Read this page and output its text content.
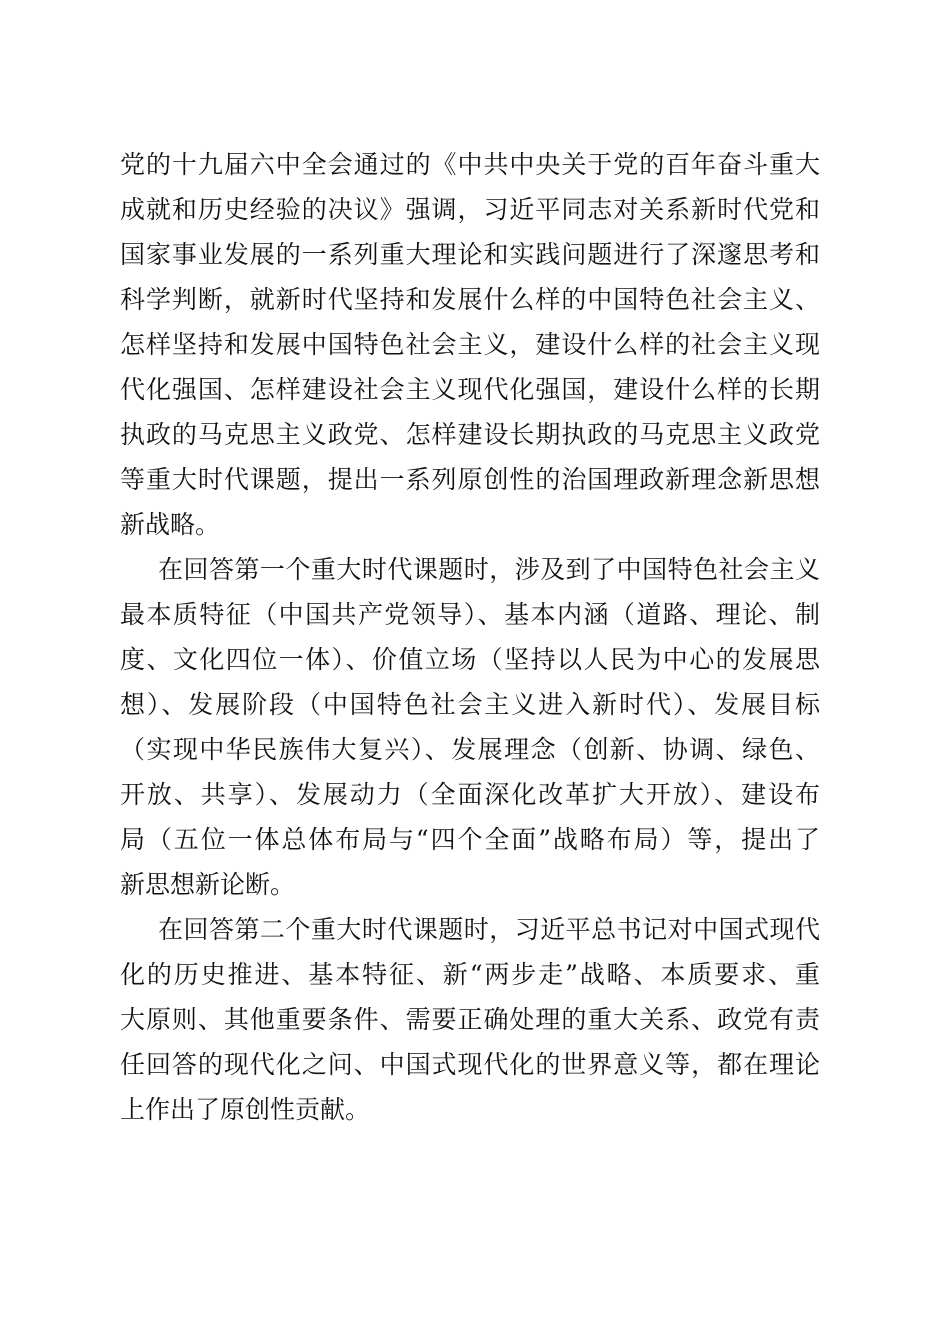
党的十九届六中全会通过的《中共中央关于党的百年奋斗重大
成就和历史经验的决议》强调，习近平同志对关系新时代党和
国家事业发展的一系列重大理论和实践问题进行了深邃思考和
科学判断，就新时代坚持和发展什么样的中国特色社会主义、
怎样坚持和发展中国特色社会主义，建设什么样的社会主义现
代化强国、怎样建设社会主义现代化强国，建设什么样的长期
执政的马克思主义政党、怎样建设长期执政的马克思主义政党
等重大时代课题，提出一系列原创性的治国理政新理念新思想
新战略。
在回答第一个重大时代课题时，涉及到了中国特色社会主义
最本质特征（中国共产党领导）、基本内涵（道路、理论、制
度、文化四位一体）、价值立场（坚持以人民为中心的发展思
想）、发展阶段（中国特色社会主义进入新时代）、发展目标
（实现中华民族伟大复兴）、发展理念（创新、协调、绿色、
开放、共享）、发展动力（全面深化改革扩大开放）、建设布
局（五位一体总体布局与“四个全面”战略布局）等，提出了
新思想新论断。
在回答第二个重大时代课题时，习近平总书记对中国式现代
化的历史推进、基本特征、新“两步走”战略、本质要求、重
大原则、其他重要条件、需要正确处理的重大关系、政党有责
任回答的现代化之问、中国式现代化的世界意义等，都在理论
上作出了原创性贡献。
